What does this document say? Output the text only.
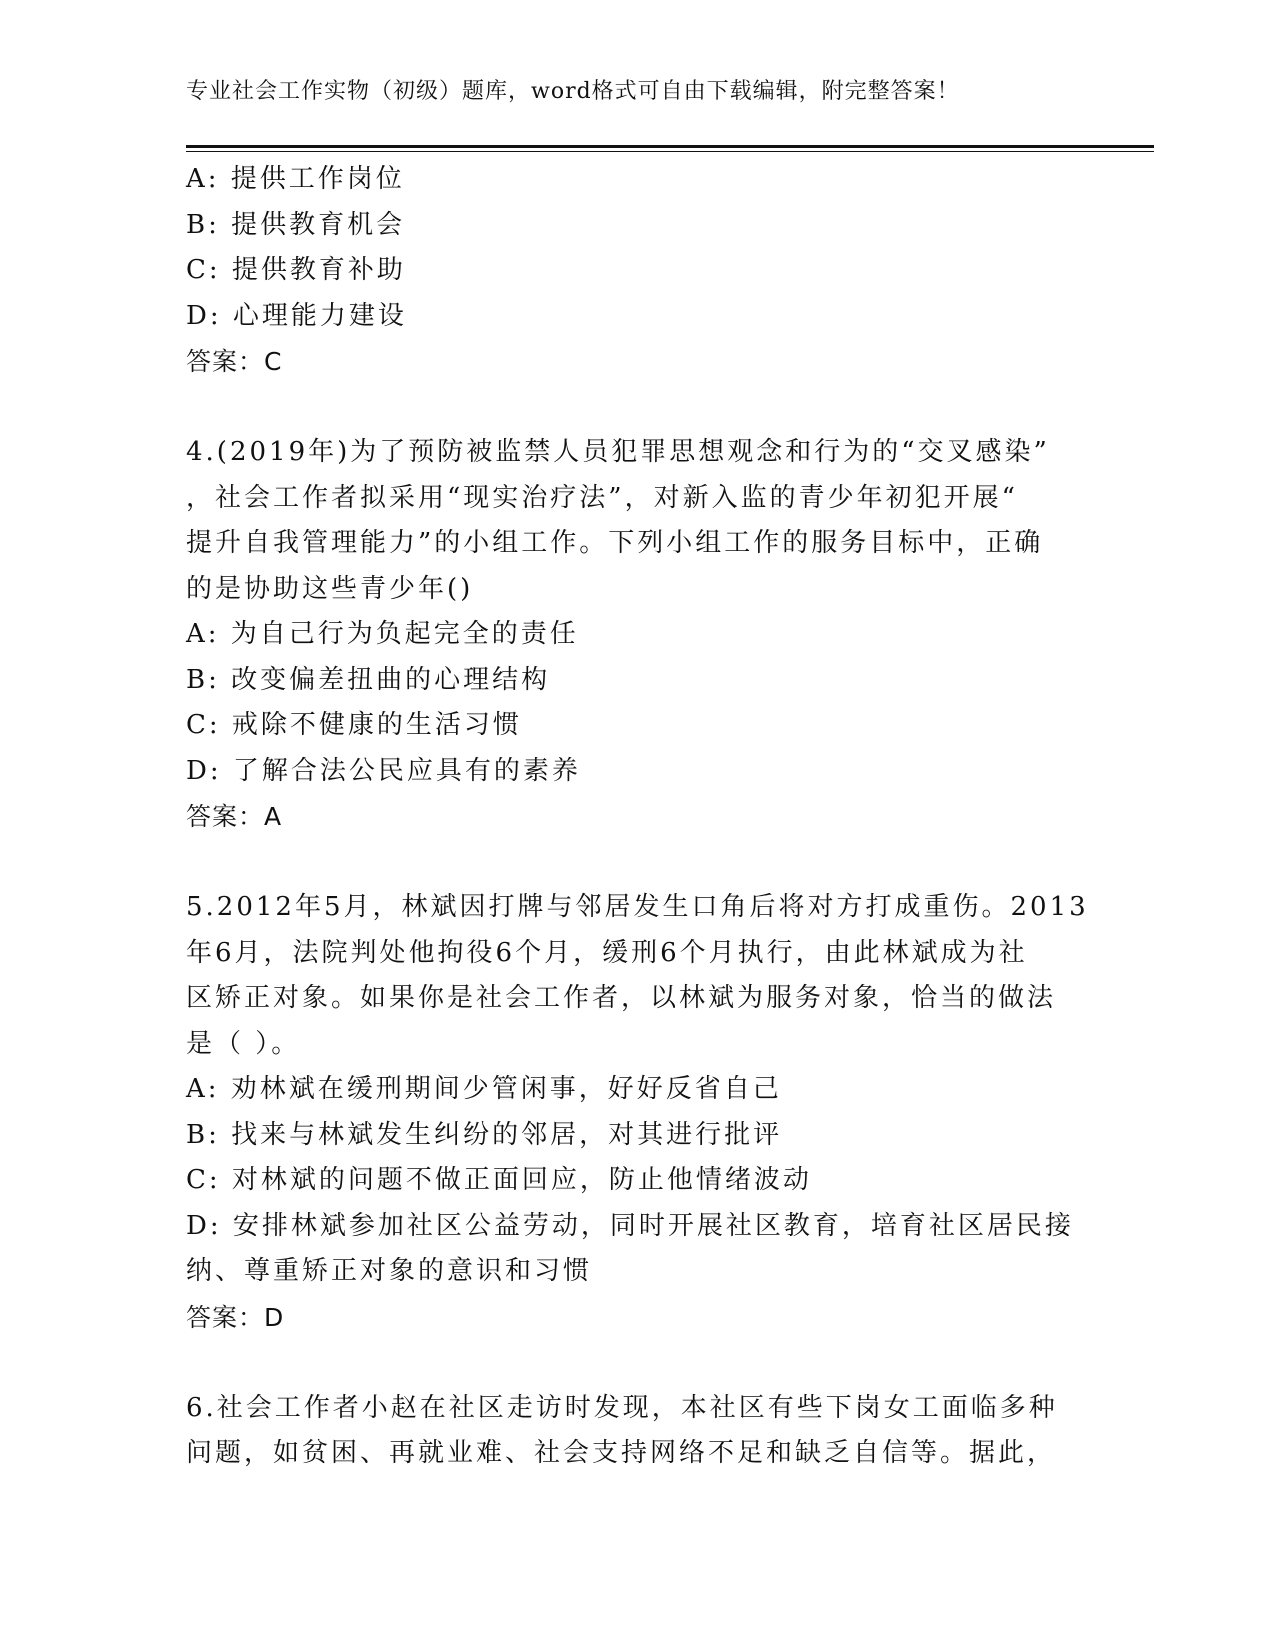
专业社会工作实物（初级）题库，word格式可自由下载编辑，附完整答案！
A: 提供工作岗位
B: 提供教育机会
C: 提供教育补助
D: 心理能力建设
答案：C
4.(2019年)为了预防被监禁人员犯罪思想观念和行为的“交叉感染”
，社会工作者拟采用“现实治疗法”，对新入监的青少年初犯开展“
提升自我管理能力”的小组工作。下列小组工作的服务目标中，正确
的是协助这些青少年()
A: 为自己行为负起完全的责任
B: 改变偏差扭曲的心理结构
C: 戒除不健康的生活习惯
D: 了解合法公民应具有的素养
答案：A
5.2012年5月，林斌因打牌与邻居发生口角后将对方打成重伤。2013
年6月，法院判处他拘役6个月，缓刑6个月执行，由此林斌成为社
区矫正对象。如果你是社会工作者，以林斌为服务对象，恰当的做法
是（ ）。
A: 劝林斌在缓刑期间少管闲事，好好反省自己
B: 找来与林斌发生纠纷的邻居，对其进行批评
C: 对林斌的问题不做正面回应，防止他情绪波动
D: 安排林斌参加社区公益劳动，同时开展社区教育，培育社区居民接
纳、尊重矫正对象的意识和习惯
答案：D
6.社会工作者小赵在社区走访时发现，本社区有些下岗女工面临多种
问题，如贫困、再就业难、社会支持网络不足和缺乏自信等。据此，
